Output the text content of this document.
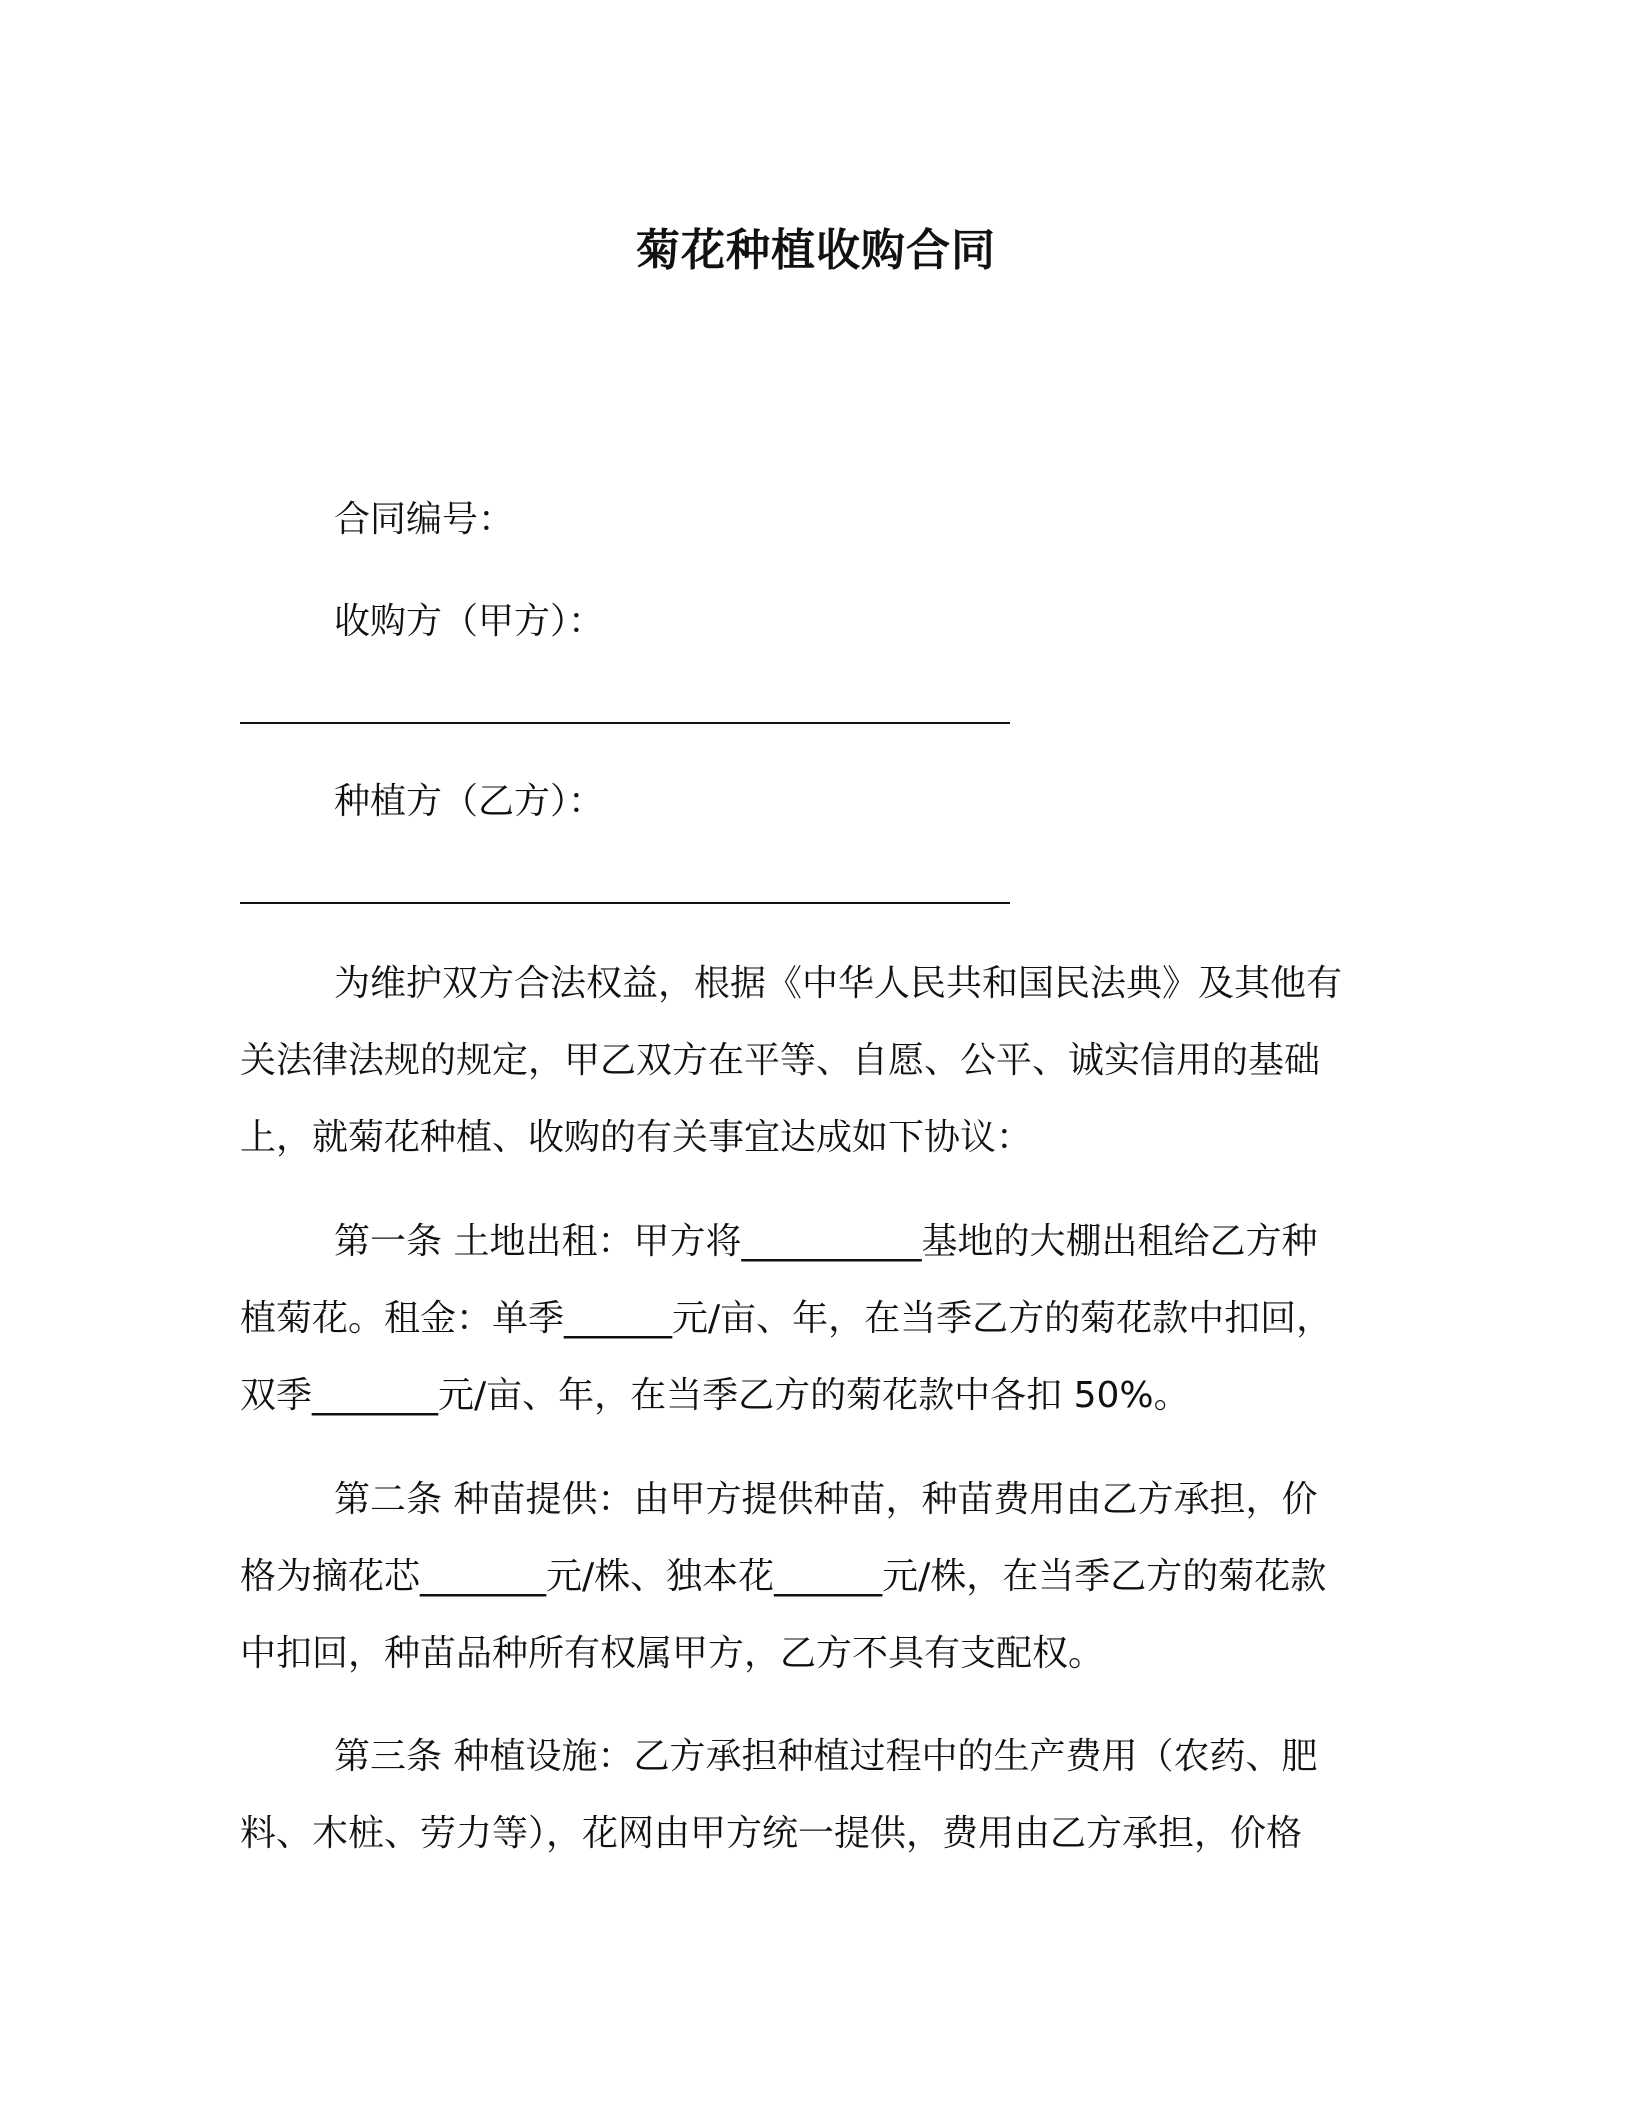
菊花种植收购合同
合同编号：
收购方（甲方）：
种植方（乙方）：
为维护双方合法权益，根据《中华人民共和国民法典》及其他有
关法律法规的规定，甲乙双方在平等、自愿、公平、诚实信用的基础
上，就菊花种植、收购的有关事宜达成如下协议：
第一条 土地出租：甲方将__________基地的大棚出租给乙方种
植菊花。租金：单季______元/亩、年，在当季乙方的菊花款中扣回，
双季_______元/亩、年，在当季乙方的菊花款中各扣 50%。
第二条 种苗提供：由甲方提供种苗，种苗费用由乙方承担，价
格为摘花芯_______元/株、独本花______元/株，在当季乙方的菊花款
中扣回，种苗品种所有权属甲方，乙方不具有支配权。
第三条 种植设施：乙方承担种植过程中的生产费用（农药、肥
料、木桩、劳力等），花网由甲方统一提供，费用由乙方承担，价格
